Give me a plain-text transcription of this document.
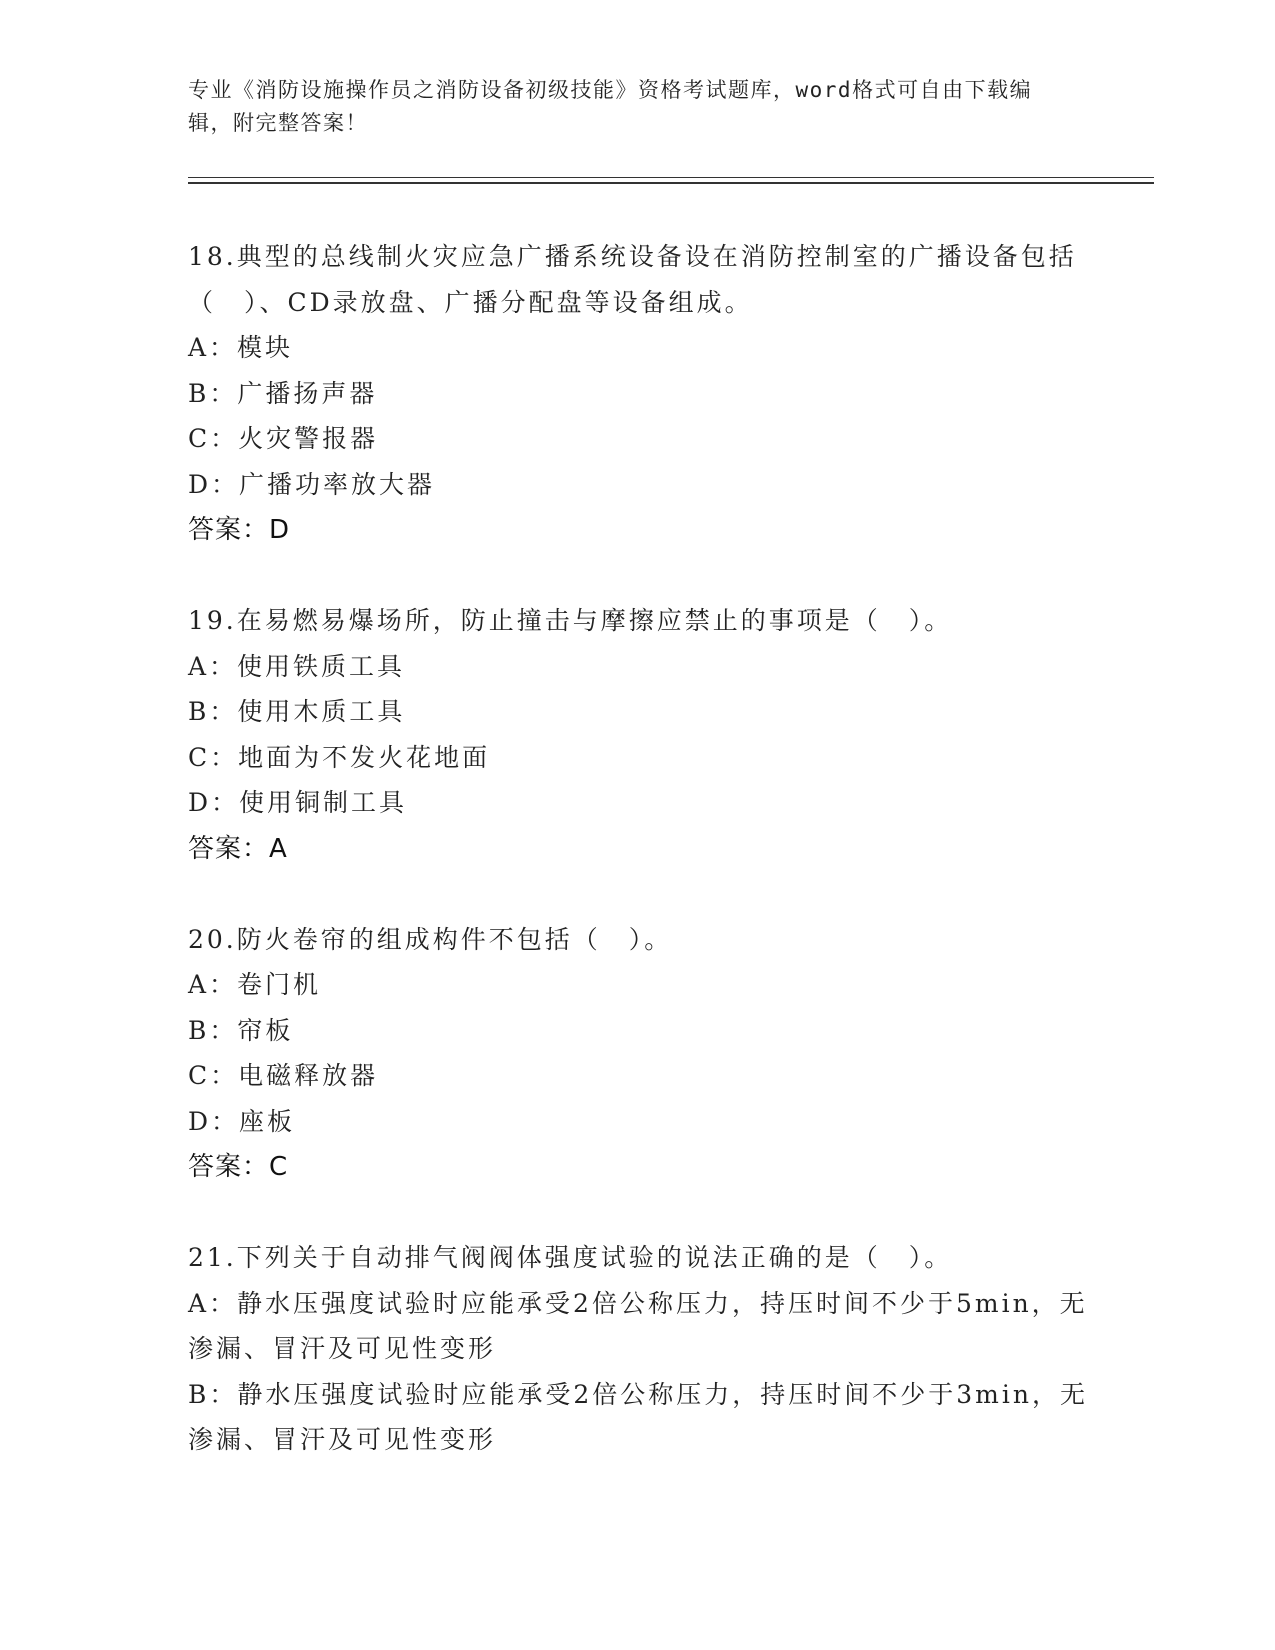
专业《消防设施操作员之消防设备初级技能》资格考试题库，word格式可自由下载编辑，附完整答案！

18.典型的总线制火灾应急广播系统设备设在消防控制室的广播设备包括（　）、CD录放盘、广播分配盘等设备组成。

A：模块

B：广播扬声器

C：火灾警报器

D：广播功率放大器

答案：D

19.在易燃易爆场所，防止撞击与摩擦应禁止的事项是（　）。

A：使用铁质工具

B：使用木质工具

C：地面为不发火花地面

D：使用铜制工具

答案：A

20.防火卷帘的组成构件不包括（　）。

A：卷门机

B：帘板

C：电磁释放器

D：座板

答案：C

21.下列关于自动排气阀阀体强度试验的说法正确的是（　）。

A：静水压强度试验时应能承受2倍公称压力，持压时间不少于5min，无渗漏、冒汗及可见性变形

B：静水压强度试验时应能承受2倍公称压力，持压时间不少于3min，无渗漏、冒汗及可见性变形
